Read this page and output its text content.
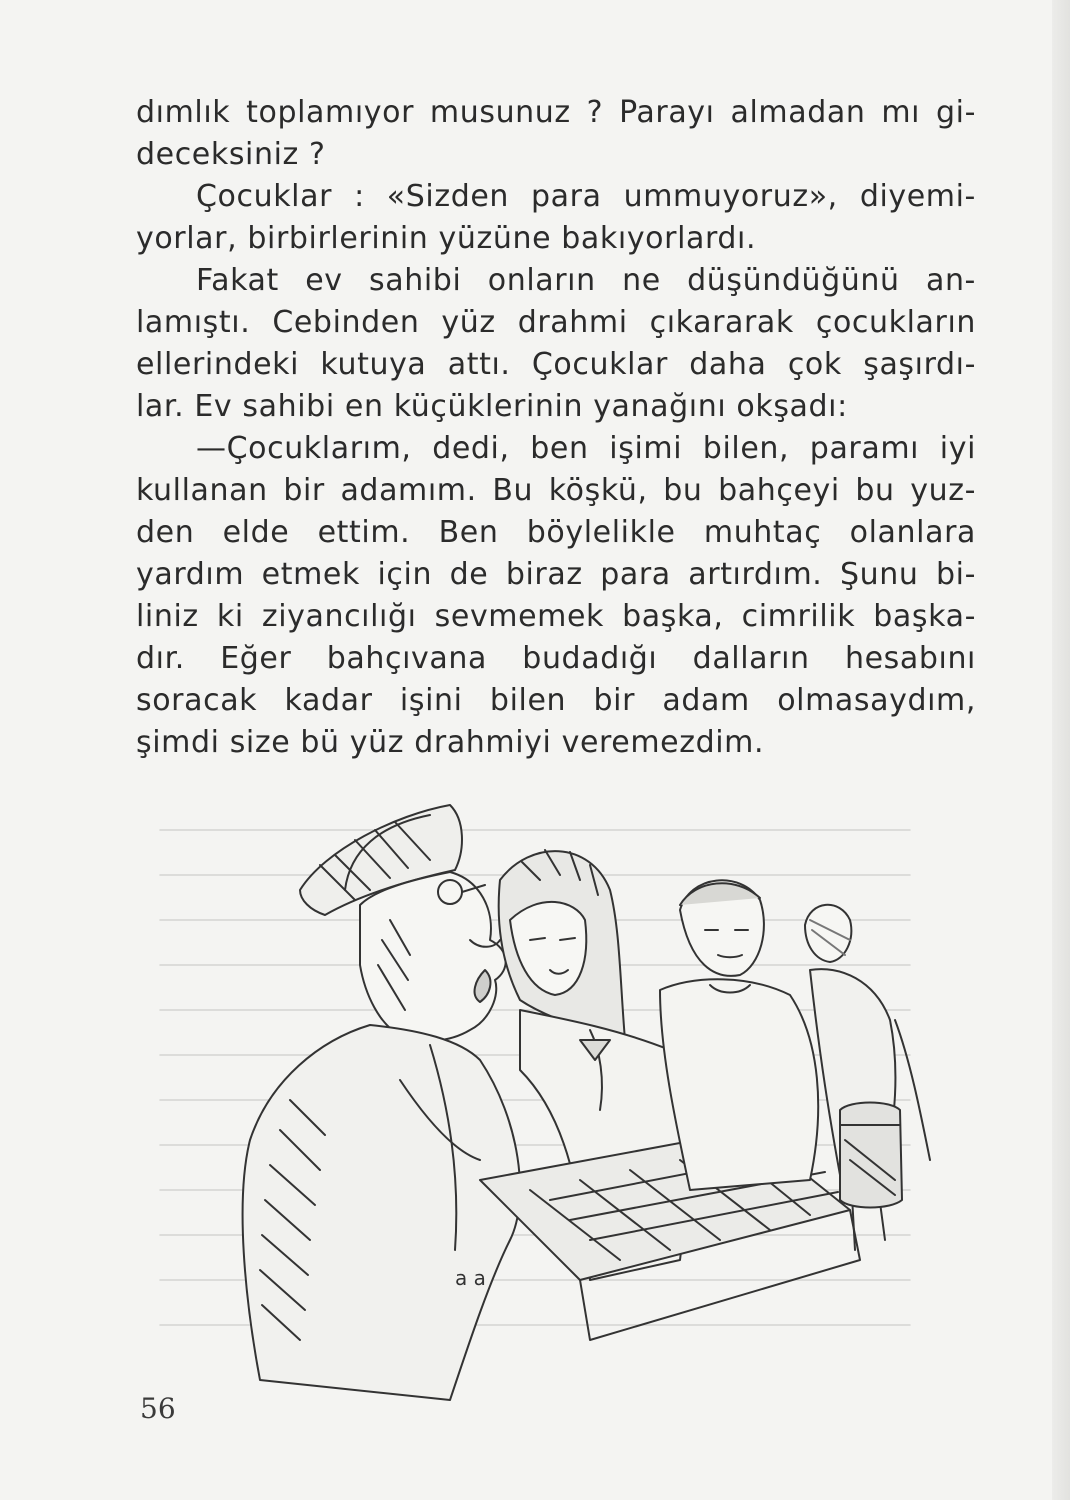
dımlık toplamıyor musunuz ? Parayı almadan mı gi-
deceksiniz ?
Çocuklar : «Sizden para ummuyoruz», diyemi-
yorlar, birbirlerinin yüzüne bakıyorlardı.
Fakat ev sahibi onların ne düşündüğünü an-
lamıştı. Cebinden yüz drahmi çıkararak çocukların
ellerindeki kutuya attı. Çocuklar daha çok şaşırdı-
lar. Ev sahibi en küçüklerinin yanağını okşadı:
—Çocuklarım, dedi, ben işimi bilen, paramı iyi
kullanan bir adamım. Bu köşkü, bu bahçeyi bu yuz-
den elde ettim. Ben böylelikle muhtaç olanlara
yardım etmek için de biraz para artırdım. Şunu bi-
liniz ki ziyancılığı sevmemek başka, cimrilik başka-
dır. Eğer bahçıvana budadığı dalların hesabını
soracak kadar işini bilen bir adam olmasaydım,
şimdi size bü yüz drahmiyi veremezdim.
a a
56
